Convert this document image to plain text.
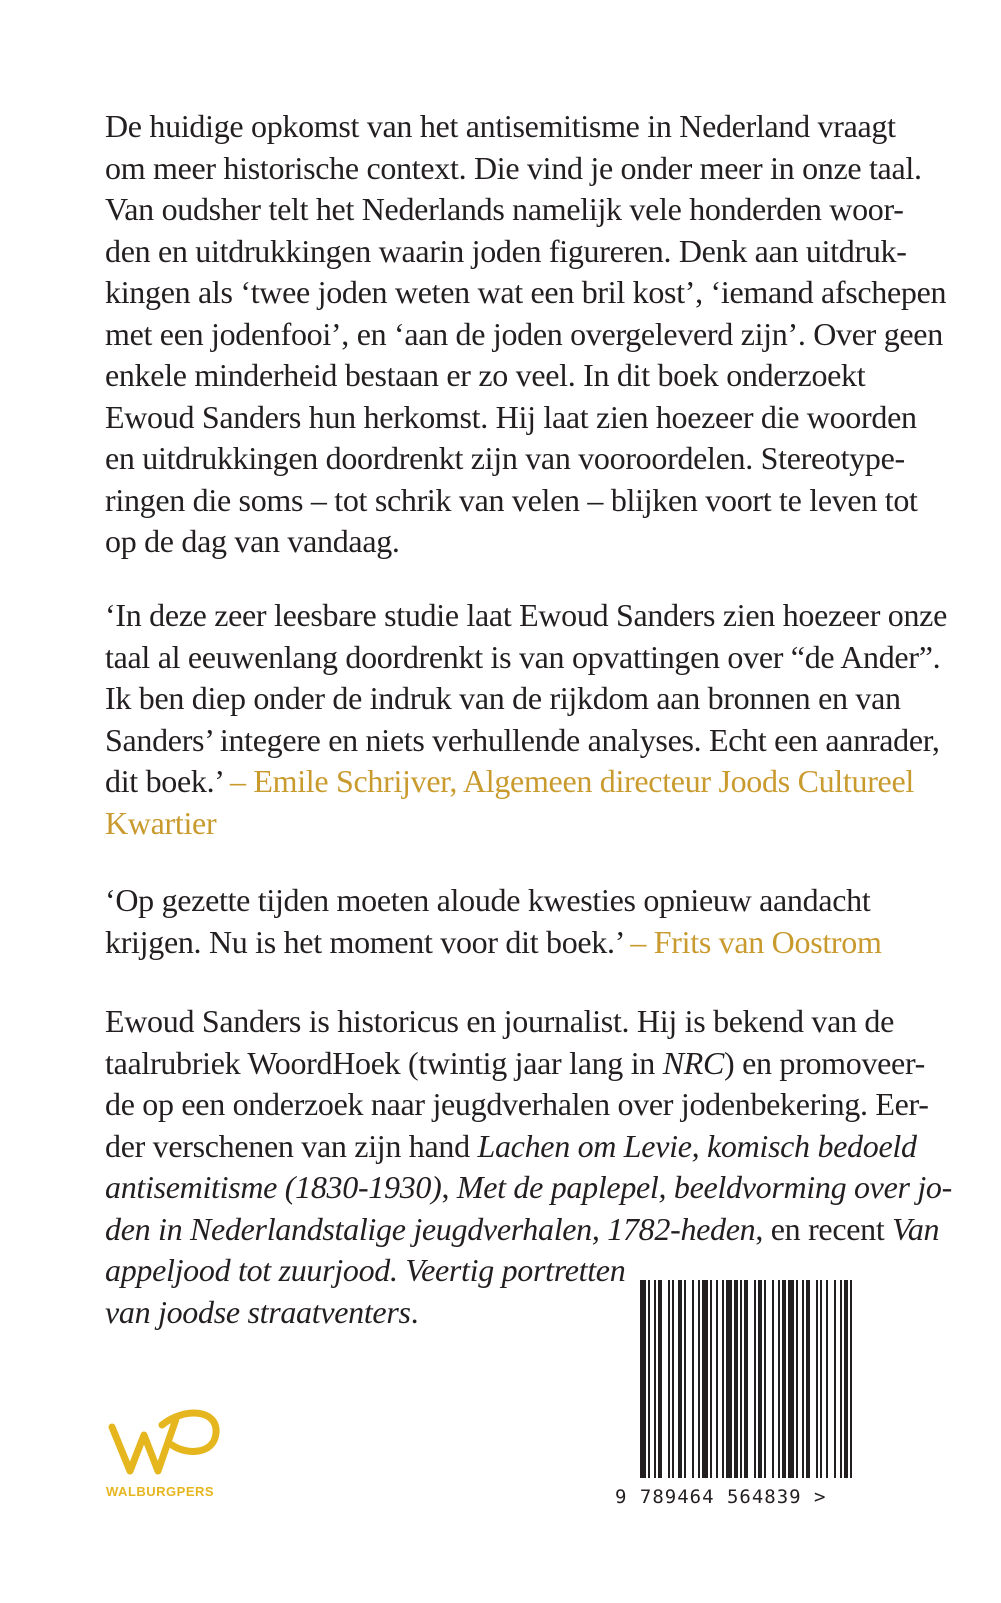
De huidige opkomst van het antisemitisme in Nederland vraagt
om meer historische context. Die vind je onder meer in onze taal.
Van oudsher telt het Nederlands namelijk vele honderden woor-
den en uitdrukkingen waarin joden figureren. Denk aan uitdruk-
kingen als ‘twee joden weten wat een bril kost’, ‘iemand afschepen
met een jodenfooi’, en ‘aan de joden overgeleverd zijn’. Over geen
enkele minderheid bestaan er zo veel. In dit boek onderzoekt
Ewoud Sanders hun herkomst. Hij laat zien hoezeer die woorden
en uitdrukkingen doordrenkt zijn van vooroordelen. Stereotype-
ringen die soms – tot schrik van velen – blijken voort te leven tot
op de dag van vandaag.

‘In deze zeer leesbare studie laat Ewoud Sanders zien hoezeer onze
taal al eeuwenlang doordrenkt is van opvattingen over “de Ander”.
Ik ben diep onder de indruk van de rijkdom aan bronnen en van
Sanders’ integere en niets verhullende analyses. Echt een aanrader,
dit boek.’ – Emile Schrijver, Algemeen directeur Joods Cultureel
Kwartier

‘Op gezette tijden moeten aloude kwesties opnieuw aandacht
krijgen. Nu is het moment voor dit boek.’ – Frits van Oostrom

Ewoud Sanders is historicus en journalist. Hij is bekend van de
taalrubriek WoordHoek (twintig jaar lang in NRC) en promoveer-
de op een onderzoek naar jeugdverhalen over jodenbekering. Eer-
der verschenen van zijn hand Lachen om Levie, komisch bedoeld
antisemitisme (1830-1930), Met de paplepel, beeldvorming over jo-
den in Nederlandstalige jeugdverhalen, 1782-heden, en recent Van
appeljood tot zuurjood. Veertig portretten
van joodse straatventers.

WALBURGPERS	9 789464 564839 >
